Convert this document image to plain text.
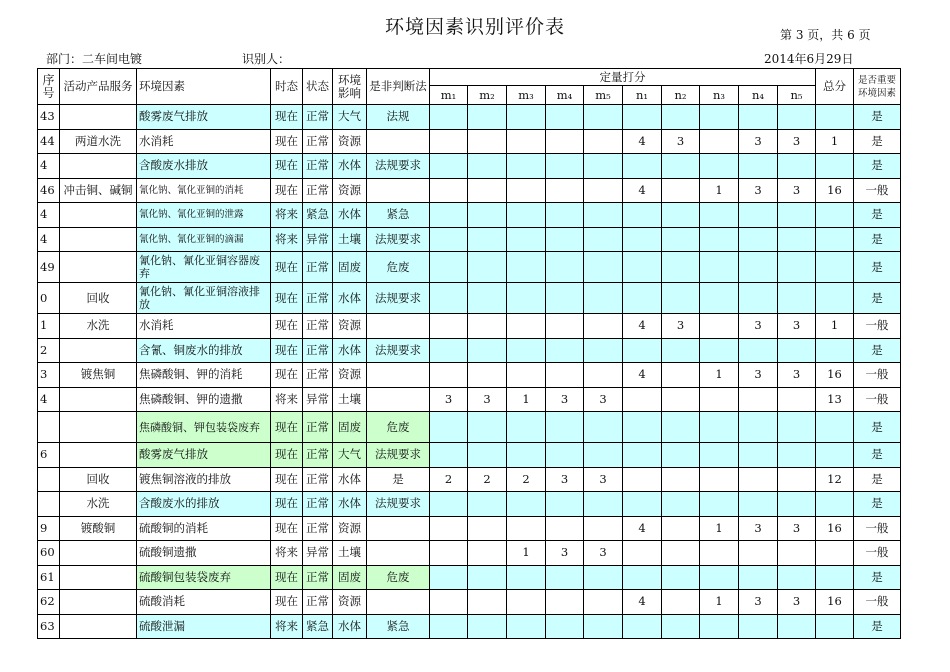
环境因素识别评价表	第 3 页，共 6 页
部门：二车间电镀	识别人：	2014年6月29日
序号	活动产品服务	环境因素	时态	状态	环境影响	是非判断法	定量打分										总分	是否重要环境因素
							m₁	m₂	m₃	m₄	m₅	n₁	n₂	n₃	n₄	n₅		
43		酸雾废气排放	现在	正常	大气	法规												是
44	两道水洗	水消耗	现在	正常	资源							4	3		3	3	1	是
4		含酸废水排放	现在	正常	水体	法规要求												是
46	冲击铜、碱铜	氰化钠、氰化亚铜的消耗	现在	正常	资源							4		1	3	3	16	一般
4		氰化钠、氰化亚铜的泄露	将来	紧急	水体	紧急												是
4		氰化钠、氰化亚铜的滴漏	将来	异常	土壤	法规要求												是
49		氰化钠、氰化亚铜容器废弃	现在	正常	固废	危废												是
0	回收	氰化钠、氰化亚铜溶液排放	现在	正常	水体	法规要求												是
1	水洗	水消耗	现在	正常	资源							4	3		3	3	1	一般
2		含氰、铜废水的排放	现在	正常	水体	法规要求												是
3	镀焦铜	焦磷酸铜、钾的消耗	现在	正常	资源							4		1	3	3	16	一般
4		焦磷酸铜、钾的遗撒	将来	异常	土壤		3	3	1	3	3						13	一般
		焦磷酸铜、钾包装袋废弃	现在	正常	固废	危废												是
6		酸雾废气排放	现在	正常	大气	法规要求												是
	回收	镀焦铜溶液的排放	现在	正常	水体	是	2	2	2	3	3						12	是
	水洗	含酸废水的排放	现在	正常	水体	法规要求												是
9	镀酸铜	硫酸铜的消耗	现在	正常	资源							4		1	3	3	16	一般
60		硫酸铜遗撒	将来	异常	土壤				1	3	3							一般
61		硫酸铜包装袋废弃	现在	正常	固废	危废												是
62		硫酸消耗	现在	正常	资源							4		1	3	3	16	一般
63		硫酸泄漏	将来	紧急	水体	紧急												是
